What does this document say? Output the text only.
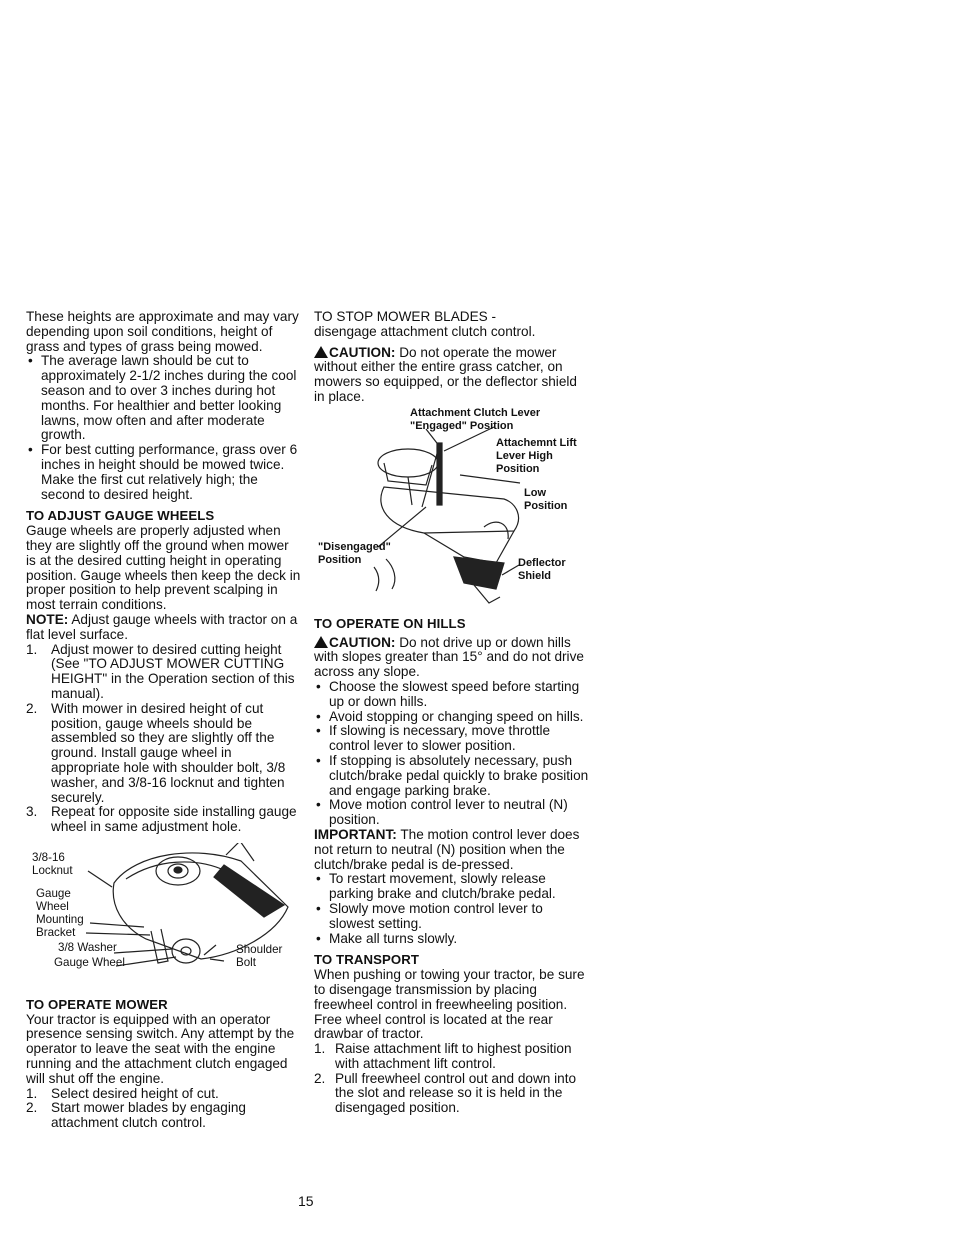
These heights are approximate and may vary depending upon soil conditions, height of grass and types of grass being mowed.

• The average lawn should be cut to approximately 2-1/2 inches during the cool season and to over 3 inches during hot months. For healthier and better looking lawns, mow often and after moderate growth.
• For best cutting performance, grass over 6 inches in height should be mowed twice. Make the first cut relatively high; the second to desired height.
TO ADJUST GAUGE WHEELS

Gauge wheels are properly adjusted when they are slightly off the ground when mower is at the desired cutting height in operating position. Gauge wheels then keep the deck in proper position to help prevent scalping in most terrain conditions.

NOTE: Adjust gauge wheels with tractor on a flat level surface.

1. Adjust mower to desired cutting height (See "TO ADJUST MOWER CUTTING HEIGHT" in the Operation section of this manual).
2. With mower in desired height of cut position, gauge wheels should be assembled so they are slightly off the ground. Install gauge wheel in appropriate hole with shoulder bolt, 3/8 washer, and 3/8-16 locknut and tighten securely.
3. Repeat for opposite side installing gauge wheel in same adjustment hole.
3/8-16
Locknut
Gauge
Wheel
Mounting
Bracket
3/8 Washer
Gauge Wheel
Shoulder
Bolt
TO OPERATE MOWER

Your tractor is equipped with an operator presence sensing switch. Any attempt by the operator to leave the seat with the engine running and the attachment clutch engaged will shut off the engine.

1. Select desired height of cut.
2. Start mower blades by engaging attachment clutch control.

TO STOP MOWER BLADES -

disengage attachment clutch control.

CAUTION: Do not operate the mower without either the entire grass catcher, on mowers so equipped, or the deflector shield in place.

Attachment Clutch Lever
"Engaged" Position
Attachemnt Lift
Lever High
Position
Low
Position
"Disengaged"
Position	Deflector
Shield
TO OPERATE ON HILLS

CAUTION: Do not drive up or down hills with slopes greater than 15° and do not drive across any slope.

• Choose the slowest speed before starting up or down hills.
• Avoid stopping or changing speed on hills.
• If slowing is necessary, move throttle control lever to slower position.
• If stopping is absolutely necessary, push clutch/brake pedal quickly to brake position and engage parking brake.
• Move motion control lever to neutral (N) position.

IMPORTANT: The motion control lever does not return to neutral (N) position when the clutch/brake pedal is de-pressed.

• To restart movement, slowly release parking brake and clutch/brake pedal.
• Slowly move motion control lever to slowest setting.
• Make all turns slowly.
TO TRANSPORT

When pushing or towing your tractor, be sure to disengage transmission by placing freewheel control in freewheeling position. Free wheel control is located at the rear drawbar of tractor.

1. Raise attachment lift to highest position with attachment lift control.
2. Pull freewheel control out and down into the slot and release so it is held in the disengaged position.
15
